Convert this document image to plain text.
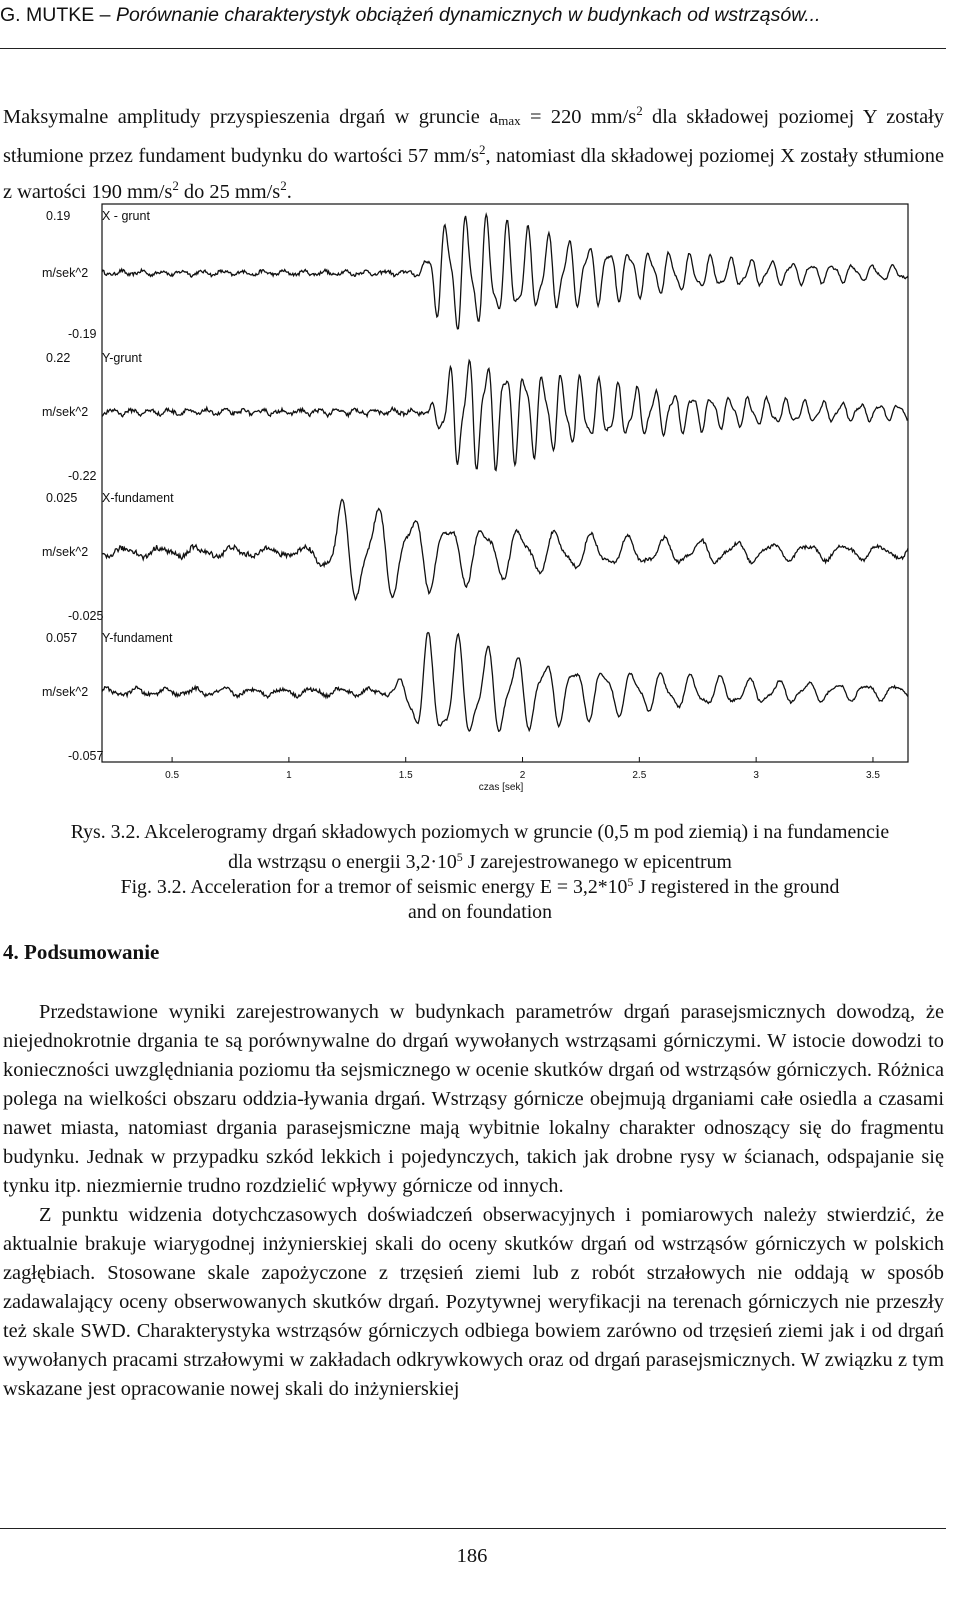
G. MUTKE – Porównanie charakterystyk obciążeń dynamicznych w budynkach od wstrząsów...
Maksymalne amplitudy przyspieszenia drgań w gruncie $a_{max} = 220$ $mm/s^2$ dla składowej poziomej Y zostały stłumione przez fundament budynku do wartości 57 $mm/s^2$, natomiast dla składowej poziomej X zostały stłumione z wartości 190 $mm/s^2$ do 25 $mm/s^2$.
0.19	X - grunt
m/sek^2
-0.19
0.22	Y-grunt
m/sek^2
-0.22
0.025 X-fundament
m/sek^2
-0.025
0.057 Y-fundament
m/sek^2
-0.057
0.5	1	1.5	2	2.5	3	3.5
czas [sek]
Rys. 3.2. Akcelerogramy drgań składowych poziomych w gruncie (0,5 m pod ziemią) i na fundamencie
dla wstrząsu o energii $3,2\cdot 10^5$ J zarejestrowanego w epicentrum
Fig. 3.2. Acceleration for a tremor of seismic energy $E = 3,2*10^5$ J registered in the ground
and on foundation
4. Podsumowanie
Przedstawione wyniki zarejestrowanych w budynkach parametrów drgań parasejsmicznych dowodzą, że niejednokrotnie drgania te są porównywalne do drgań wywołanych wstrząsami górniczymi. W istocie dowodzi to konieczności uwzględniania poziomu tła sejsmicznego w ocenie skutków drgań od wstrząsów górniczych. Różnica polega na wielkości obszaru oddzia-ływania drgań. Wstrząsy górnicze obejmują drganiami całe osiedla a czasami nawet miasta, natomiast drgania parasejsmiczne mają wybitnie lokalny charakter odnoszący się do fragmentu budynku. Jednak w przypadku szkód lekkich i pojedynczych, takich jak drobne rysy w ścianach, odspajanie się tynku itp. niezmiernie trudno rozdzielić wpływy górnicze od innych.
Z punktu widzenia dotychczasowych doświadczeń obserwacyjnych i pomiarowych należy stwierdzić, że aktualnie brakuje wiarygodnej inżynierskiej skali do oceny skutków drgań od wstrząsów górniczych w polskich zagłębiach. Stosowane skale zapożyczone z trzęsień ziemi lub z robót strzałowych nie oddają w sposób zadawalający oceny obserwowanych skutków drgań. Pozytywnej weryfikacji na terenach górniczych nie przeszły też skale SWD. Charakterystyka wstrząsów górniczych odbiega bowiem zarówno od trzęsień ziemi jak i od drgań wywołanych pracami strzałowymi w zakładach odkrywkowych oraz od drgań parasejsmicznych. W związku z tym wskazane jest opracowanie nowej skali do inżynierskiej
186
